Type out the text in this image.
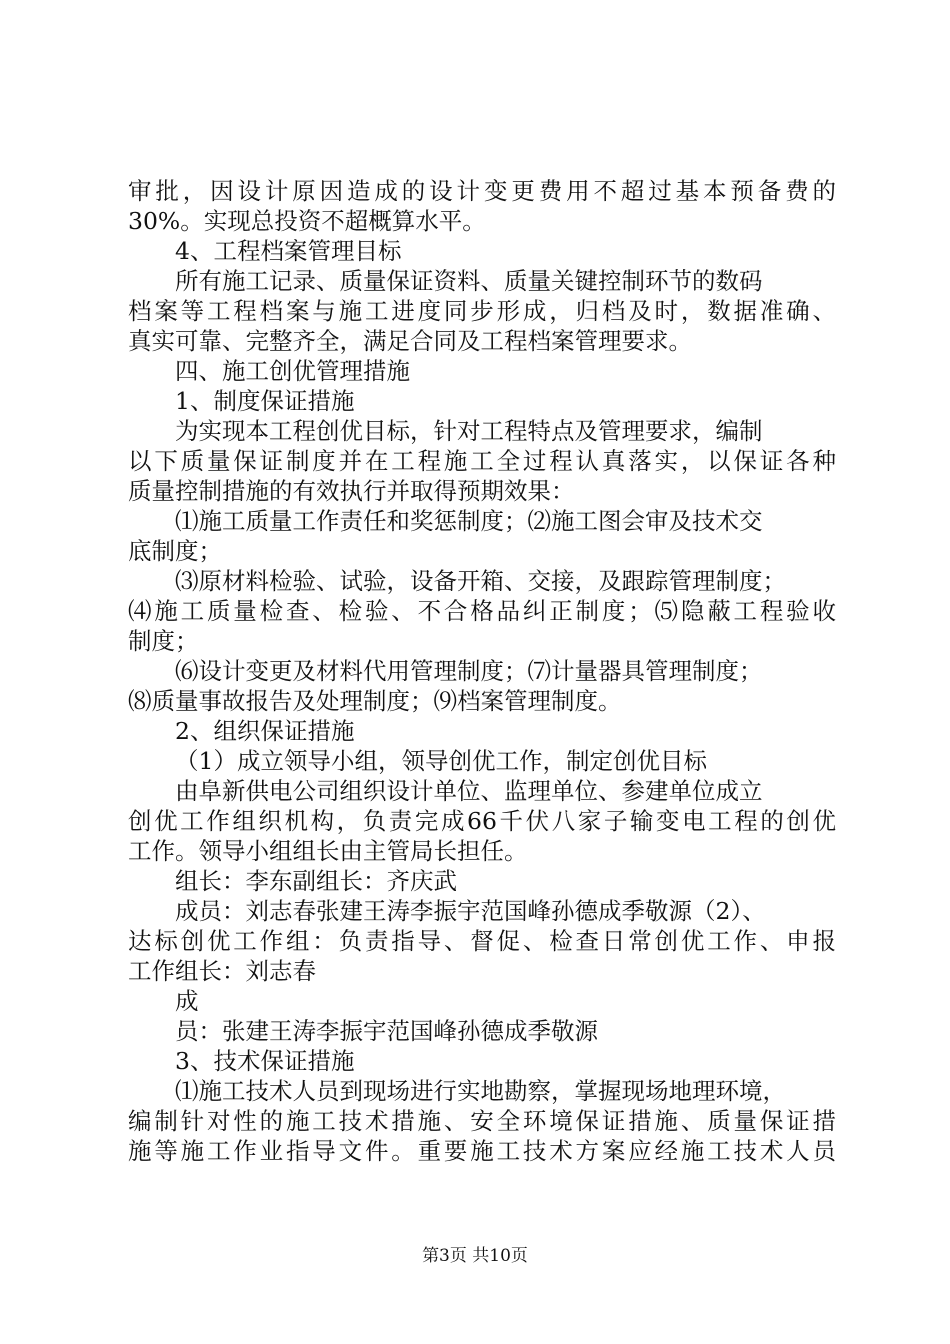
审批，因设计原因造成的设计变更费用不超过基本预备费的
30%。实现总投资不超概算水平。
4、工程档案管理目标
所有施工记录、质量保证资料、质量关键控制环节的数码
档案等工程档案与施工进度同步形成，归档及时，数据准确、
真实可靠、完整齐全，满足合同及工程档案管理要求。
四、施工创优管理措施
1、制度保证措施
为实现本工程创优目标，针对工程特点及管理要求，编制
以下质量保证制度并在工程施工全过程认真落实，以保证各种
质量控制措施的有效执行并取得预期效果：
⑴施工质量工作责任和奖惩制度；⑵施工图会审及技术交
底制度；
⑶原材料检验、试验，设备开箱、交接，及跟踪管理制度；
⑷施工质量检查、检验、不合格品纠正制度；⑸隐蔽工程验收
制度；
⑹设计变更及材料代用管理制度；⑺计量器具管理制度；
⑻质量事故报告及处理制度；⑼档案管理制度。
2、组织保证措施
（1）成立领导小组，领导创优工作，制定创优目标
由阜新供电公司组织设计单位、监理单位、参建单位成立
创优工作组织机构，负责完成66千伏八家子输变电工程的创优
工作。领导小组组长由主管局长担任。
组长：李东副组长：齐庆武
成员：刘志春张建王涛李振宇范国峰孙德成季敬源（2）、
达标创优工作组：负责指导、督促、检查日常创优工作、申报
工作组长：刘志春
成
员：张建王涛李振宇范国峰孙德成季敬源
3、技术保证措施
⑴施工技术人员到现场进行实地勘察，掌握现场地理环境，
编制针对性的施工技术措施、安全环境保证措施、质量保证措
施等施工作业指导文件。重要施工技术方案应经施工技术人员
第3页 共10页
